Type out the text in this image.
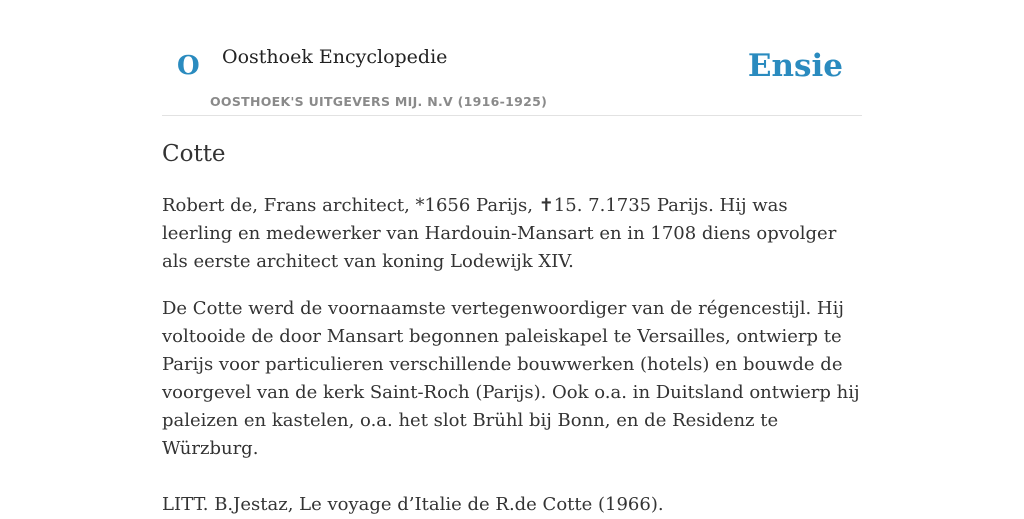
O Oosthoek Encyclopedie
OOSTHOEK'S UITGEVERS MIJ. N.V (1916-1925)
Ensie
Cotte

Robert de, Frans architect, *1656 Parijs, ✝15. 7.1735 Parijs. Hij was leerling en medewerker van Hardouin-Mansart en in 1708 diens opvolger als eerste architect van koning Lodewijk XIV.

De Cotte werd de voornaamste vertegenwoordiger van de régencestijl. Hij voltooide de door Mansart begonnen paleiskapel te Versailles, ontwierp te Parijs voor particulieren verschillende bouwwerken (hotels) en bouwde de voorgevel van de kerk Saint-Roch (Parijs). Ook o.a. in Duitsland ontwierp hij paleizen en kastelen, o.a. het slot Brühl bij Bonn, en de Residenz te Würzburg.

LITT. B.Jestaz, Le voyage d’Italie de R.de Cotte (1966).
